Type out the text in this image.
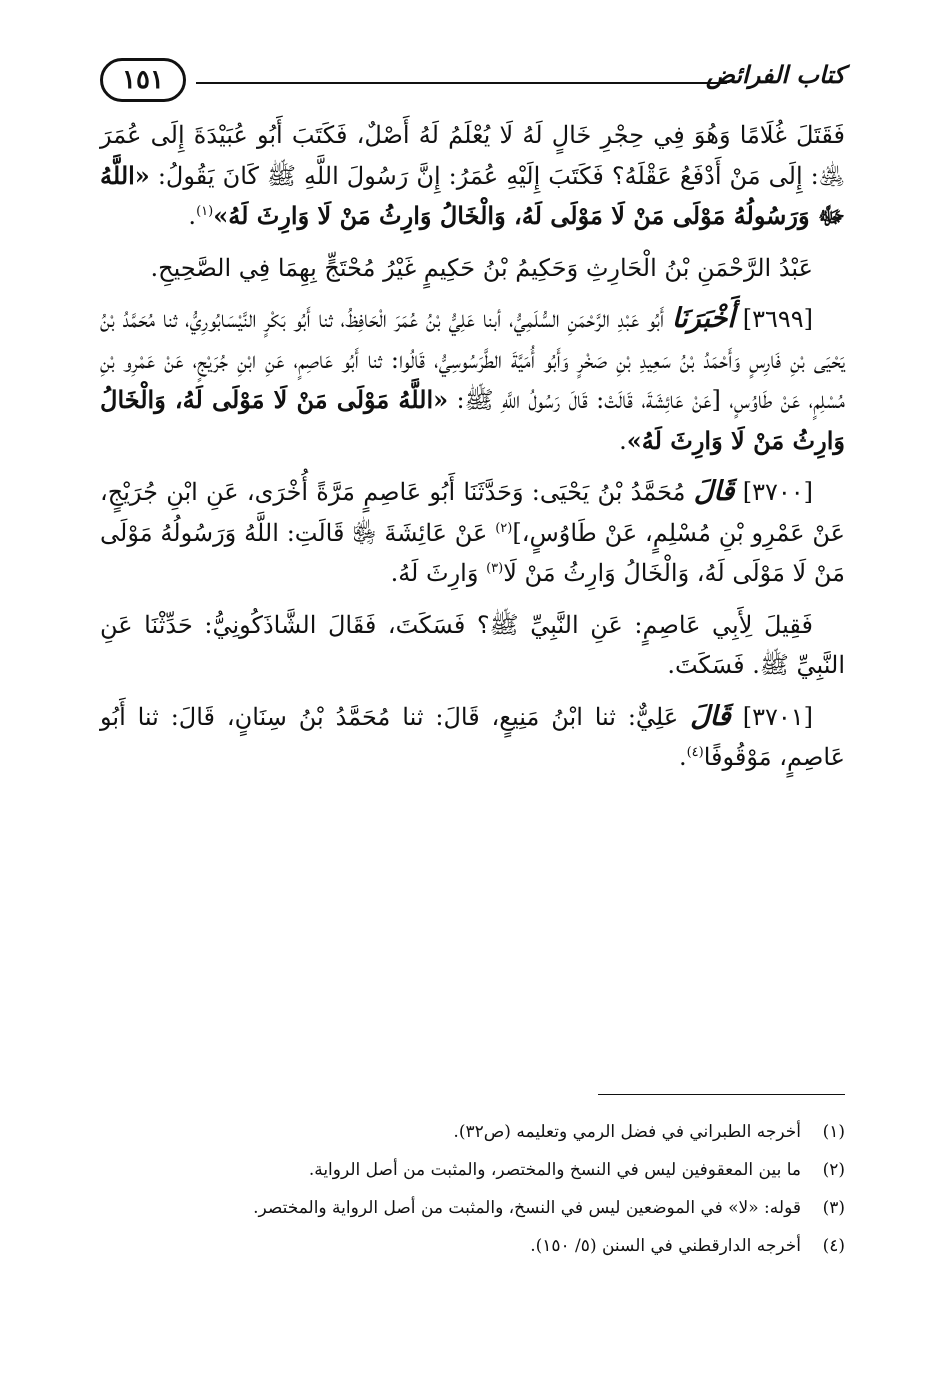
١٥١	كتاب الفرائض

فَقَتَلَ غُلَامًا وَهُوَ فِي حِجْرِ خَالٍ لَهُ لَا يُعْلَمُ لَهُ أَصْلٌ، فَكَتَبَ أَبُو عُبَيْدَةَ إِلَى عُمَرَ ﵁: إِلَى مَنْ أَدْفَعُ عَقْلَهُ؟ فَكَتَبَ إِلَيْهِ عُمَرُ: إِنَّ رَسُولَ اللَّهِ ﷺ كَانَ يَقُولُ: «اللَّهُ ﷻ وَرَسُولُهُ مَوْلَى مَنْ لَا مَوْلَى لَهُ، وَالْخَالُ وَارِثُ مَنْ لَا وَارِثَ لَهُ»$^{(١)}$.

عَبْدُ الرَّحْمَنِ بْنُ الْحَارِثِ وَحَكِيمُ بْنُ حَكِيمٍ غَيْرُ مُحْتَجٍّ بِهِمَا فِي الصَّحِيحِ.

[٣٦٩٩] أَخْبَرَنَا أَبُو عَبْدِ الرَّحْمَنِ السُّلَمِيُّ، أبنا عَلِيُّ بْنُ عُمَرَ الْحَافِظُ، ثنا أَبُو بَكْرٍ النَّيْسَابُورِيُّ، ثنا مُحَمَّدُ بْنُ يَحْيَى بْنِ فَارِسٍ وَأَحْمَدُ بْنُ سَعِيدِ بْنِ صَخْرٍ وَأَبُو أُمَيَّةَ الطَّرَسُوسِيُّ، قَالُوا: ثنا أَبُو عَاصِمٍ، عَنِ ابْنِ جُرَيْجٍ، عَنْ عَمْرِو بْنِ مُسْلِمٍ، عَنْ طَاوُسٍ، [عَنْ عَائِشَةَ، قَالَتْ: قَالَ رَسُولُ اللَّهِ ﷺ: «اللَّهُ مَوْلَى مَنْ لَا مَوْلَى لَهُ، وَالْخَالُ وَارِثُ مَنْ لَا وَارِثَ لَهُ».

[٣٧٠٠] قَالَ مُحَمَّدُ بْنُ يَحْيَى: وَحَدَّثَنَا أَبُو عَاصِمٍ مَرَّةً أُخْرَى، عَنِ ابْنِ جُرَيْجٍ، عَنْ عَمْرِو بْنِ مُسْلِمٍ، عَنْ طَاوُسٍ،]$^{(٢)}$ عَنْ عَائِشَةَ ﵂ قَالَتِ: اللَّهُ وَرَسُولُهُ مَوْلَى مَنْ لَا مَوْلَى لَهُ، وَالْخَالُ وَارِثُ مَنْ لَا$^{(٣)}$ وَارِثَ لَهُ.

فَقِيلَ لِأَبِي عَاصِمٍ: عَنِ النَّبِيِّ ﷺ؟ فَسَكَتَ، فَقَالَ الشَّاذَكُونِيُّ: حَدِّثْنَا عَنِ النَّبِيِّ ﷺ. فَسَكَتَ.

[٣٧٠١] قَالَ عَلِيٌّ: ثنا ابْنُ مَنِيعٍ، قَالَ: ثنا مُحَمَّدُ بْنُ سِنَانٍ، قَالَ: ثنا أَبُو عَاصِمٍ، مَوْقُوفًا$^{(٤)}$.

(١)
أخرجه الطبراني في فضل الرمي وتعليمه (ص٣٢).
(٢)
ما بين المعقوفين ليس في النسخ والمختصر، والمثبت من أصل الرواية.
(٣)
قوله: «لا» في الموضعين ليس في النسخ، والمثبت من أصل الرواية والمختصر.
(٤)
أخرجه الدارقطني في السنن (٥/ ١٥٠).
